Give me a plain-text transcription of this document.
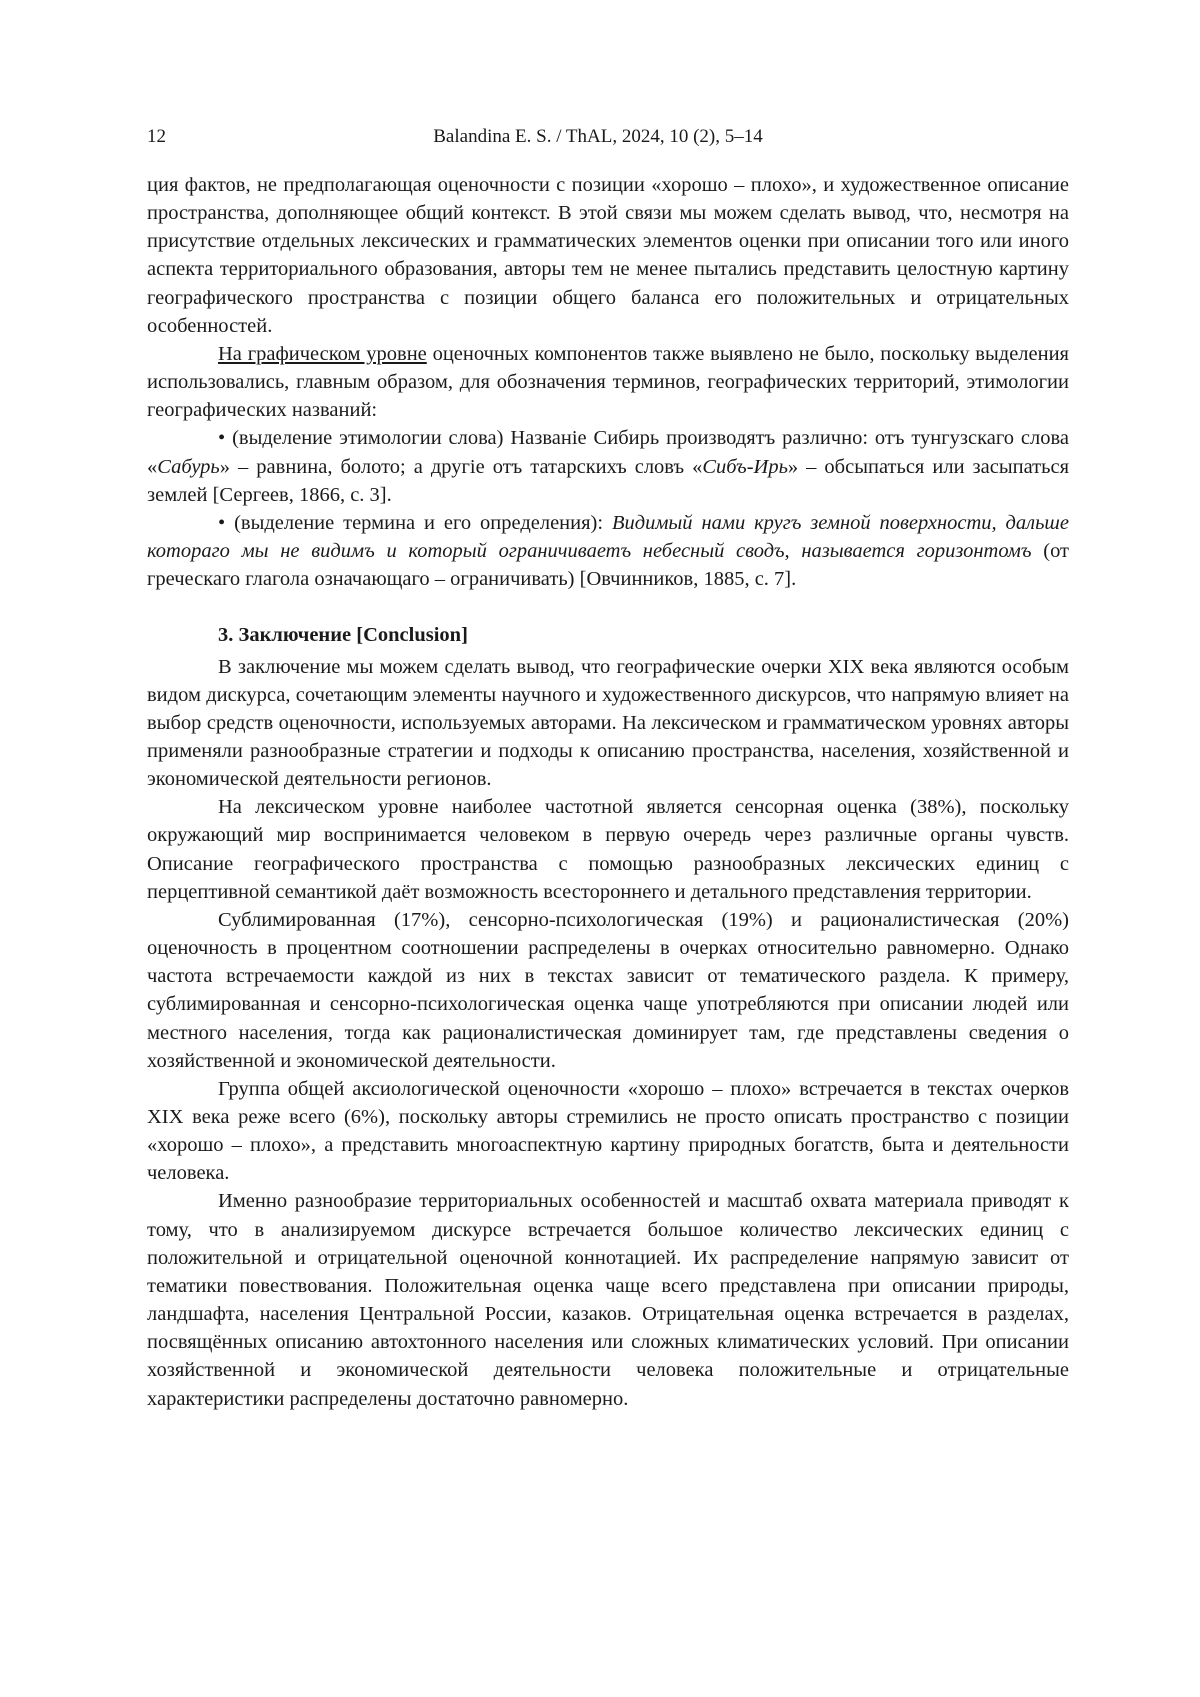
12	Balandina E. S. / ThAL, 2024, 10 (2), 5–14

ция фактов, не предполагающая оценочности с позиции «хорошо – плохо», и художественное описание пространства, дополняющее общий контекст. В этой связи мы можем сделать вывод, что, несмотря на присутствие отдельных лексических и грамматических элементов оценки при описании того или иного аспекта территориального образования, авторы тем не менее пытались представить целостную картину географического пространства с позиции общего баланса его положительных и отрицательных особенностей.

На графическом уровне оценочных компонентов также выявлено не было, поскольку выделения использовались, главным образом, для обозначения терминов, географических территорий, этимологии географических названий:

• (выделение этимологии слова) Названіе Сибирь производятъ различно: отъ тунгузскаго слова «Сабурь» – равнина, болото; а другіе отъ татарскихъ словъ «Сибъ-Ирь» – обсыпаться или засыпаться землей [Сергеев, 1866, с. 3].

• (выделение термина и его определения): Видимый нами кругъ земной поверхности, дальше котораго мы не видимъ и который ограничиваетъ небесный сводъ, называется горизонтомъ (от греческаго глагола означающаго – ограничивать) [Овчинников, 1885, с. 7].

3. Заключение [Conclusion]

В заключение мы можем сделать вывод, что географические очерки XIX века являются особым видом дискурса, сочетающим элементы научного и художественного дискурсов, что напрямую влияет на выбор средств оценочности, используемых авторами. На лексическом и грамматическом уровнях авторы применяли разнообразные стратегии и подходы к описанию пространства, населения, хозяйственной и экономической деятельности регионов.

На лексическом уровне наиболее частотной является сенсорная оценка (38%), поскольку окружающий мир воспринимается человеком в первую очередь через различные органы чувств. Описание географического пространства с помощью разнообразных лексических единиц с перцептивной семантикой даёт возможность всестороннего и детального представления территории.

Сублимированная (17%), сенсорно-психологическая (19%) и рационалистическая (20%) оценочность в процентном соотношении распределены в очерках относительно равномерно. Однако частота встречаемости каждой из них в текстах зависит от тематического раздела. К примеру, сублимированная и сенсорно-психологическая оценка чаще употребляются при описании людей или местного населения, тогда как рационалистическая доминирует там, где представлены сведения о хозяйственной и экономической деятельности.

Группа общей аксиологической оценочности «хорошо – плохо» встречается в текстах очерков XIX века реже всего (6%), поскольку авторы стремились не просто описать пространство с позиции «хорошо – плохо», а представить многоаспектную картину природных богатств, быта и деятельности человека.

Именно разнообразие территориальных особенностей и масштаб охвата материала приводят к тому, что в анализируемом дискурсе встречается большое количество лексических единиц с положительной и отрицательной оценочной коннотацией. Их распределение напрямую зависит от тематики повествования. Положительная оценка чаще всего представлена при описании природы, ландшафта, населения Центральной России, казаков. Отрицательная оценка встречается в разделах, посвящённых описанию автохтонного населения или сложных климатических условий. При описании хозяйственной и экономической деятельности человека положительные и отрицательные характеристики распределены достаточно равномерно.
